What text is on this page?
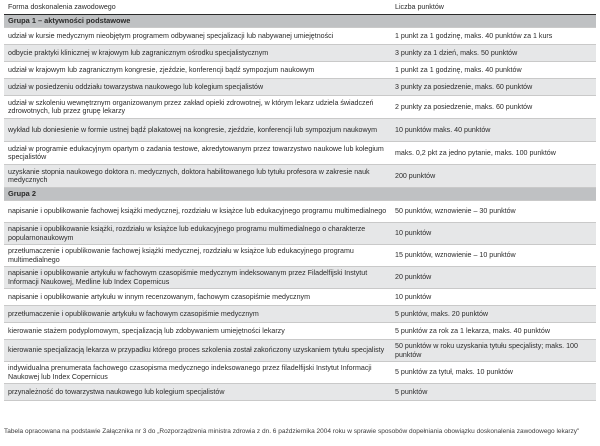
Forma doskonalenia zawodowego	Liczba punktów
Grupa 1 – aktywności podstawowe	
udział w kursie medycznym nieobjętym programem odbywanej specjalizacji lub nabywanej umiejętności	1 punkt za 1 godzinę, maks. 40 punktów za 1 kurs
odbycie praktyki klinicznej w krajowym lub zagranicznym ośrodku specjalistycznym	3 punkty za 1 dzień, maks. 50 punktów
udział w krajowym lub zagranicznym kongresie, zjeździe, konferencji bądź sympozjum naukowym	1 punkt za 1 godzinę, maks. 40 punktów
udział w posiedzeniu oddziału towarzystwa naukowego lub kolegium specjalistów	3 punkty za posiedzenie, maks. 60 punktów
udział w szkoleniu wewnętrznym organizowanym przez zakład opieki zdrowotnej, w którym lekarz udziela świadczeń zdrowotnych, lub przez grupę lekarzy	2 punkty za posiedzenie, maks. 60 punktów
wykład lub doniesienie w formie ustnej bądź plakatowej na kongresie, zjeździe, konferencji lub sympozjum naukowym	10 punktów maks. 40 punktów
udział w programie edukacyjnym opartym o zadania testowe, akredytowanym przez towarzystwo naukowe lub kolegium specjalistów	maks. 0,2 pkt za jedno pytanie, maks. 100 punktów
uzyskanie stopnia naukowego doktora n. medycznych, doktora habilitowanego lub tytułu profesora w zakresie nauk medycznych	200 punktów
Grupa 2	
napisanie i opublikowanie fachowej książki medycznej, rozdziału w książce lub edukacyjnego programu multimedialnego	50 punktów, wznowienie – 30 punktów
napisanie i opublikowanie książki, rozdziału w książce lub edukacyjnego programu multimedialnego o charakterze popularnonaukowym	10 punktów
przetłumaczenie i opublikowanie fachowej książki medycznej, rozdziału w książce lub edukacyjnego programu multimedialnego	15 punktów, wznowienie – 10 punktów
napisanie i opublikowanie artykułu w fachowym czasopiśmie medycznym indeksowanym przez Filadelfijski Instytut Informacji Naukowej, Medline lub Index Copernicus	20 punktów
napisanie i opublikowanie artykułu w innym recenzowanym, fachowym czasopiśmie medycznym	10 punktów
przetłumaczenie i opublikowanie artykułu w fachowym czasopiśmie medycznym	5 punktów, maks. 20 punktów
kierowanie stażem podyplomowym, specjalizacją lub zdobywaniem umiejętności lekarzy	5 punktów za rok za 1 lekarza, maks. 40 punktów
kierowanie specjalizacją lekarza w przypadku którego proces szkolenia został zakończony uzyskaniem tytułu specjalisty	50 punktów w roku uzyskania tytułu specjalisty; maks. 100 punktów
indywidualna prenumerata fachowego czasopisma medycznego indeksowanego przez filadelfijski Instytut Informacji Naukowej lub Index Copernicus	5 punktów za tytuł, maks. 10 punktów
przynależność do towarzystwa naukowego lub kolegium specjalistów	5 punktów
Tabela opracowana na podstawie Załącznika nr 3 do „Rozporządzenia ministra zdrowia z dn. 6 października 2004 roku w sprawie sposobów dopełniania obowiązku doskonalenia zawodowego lekarzy"
